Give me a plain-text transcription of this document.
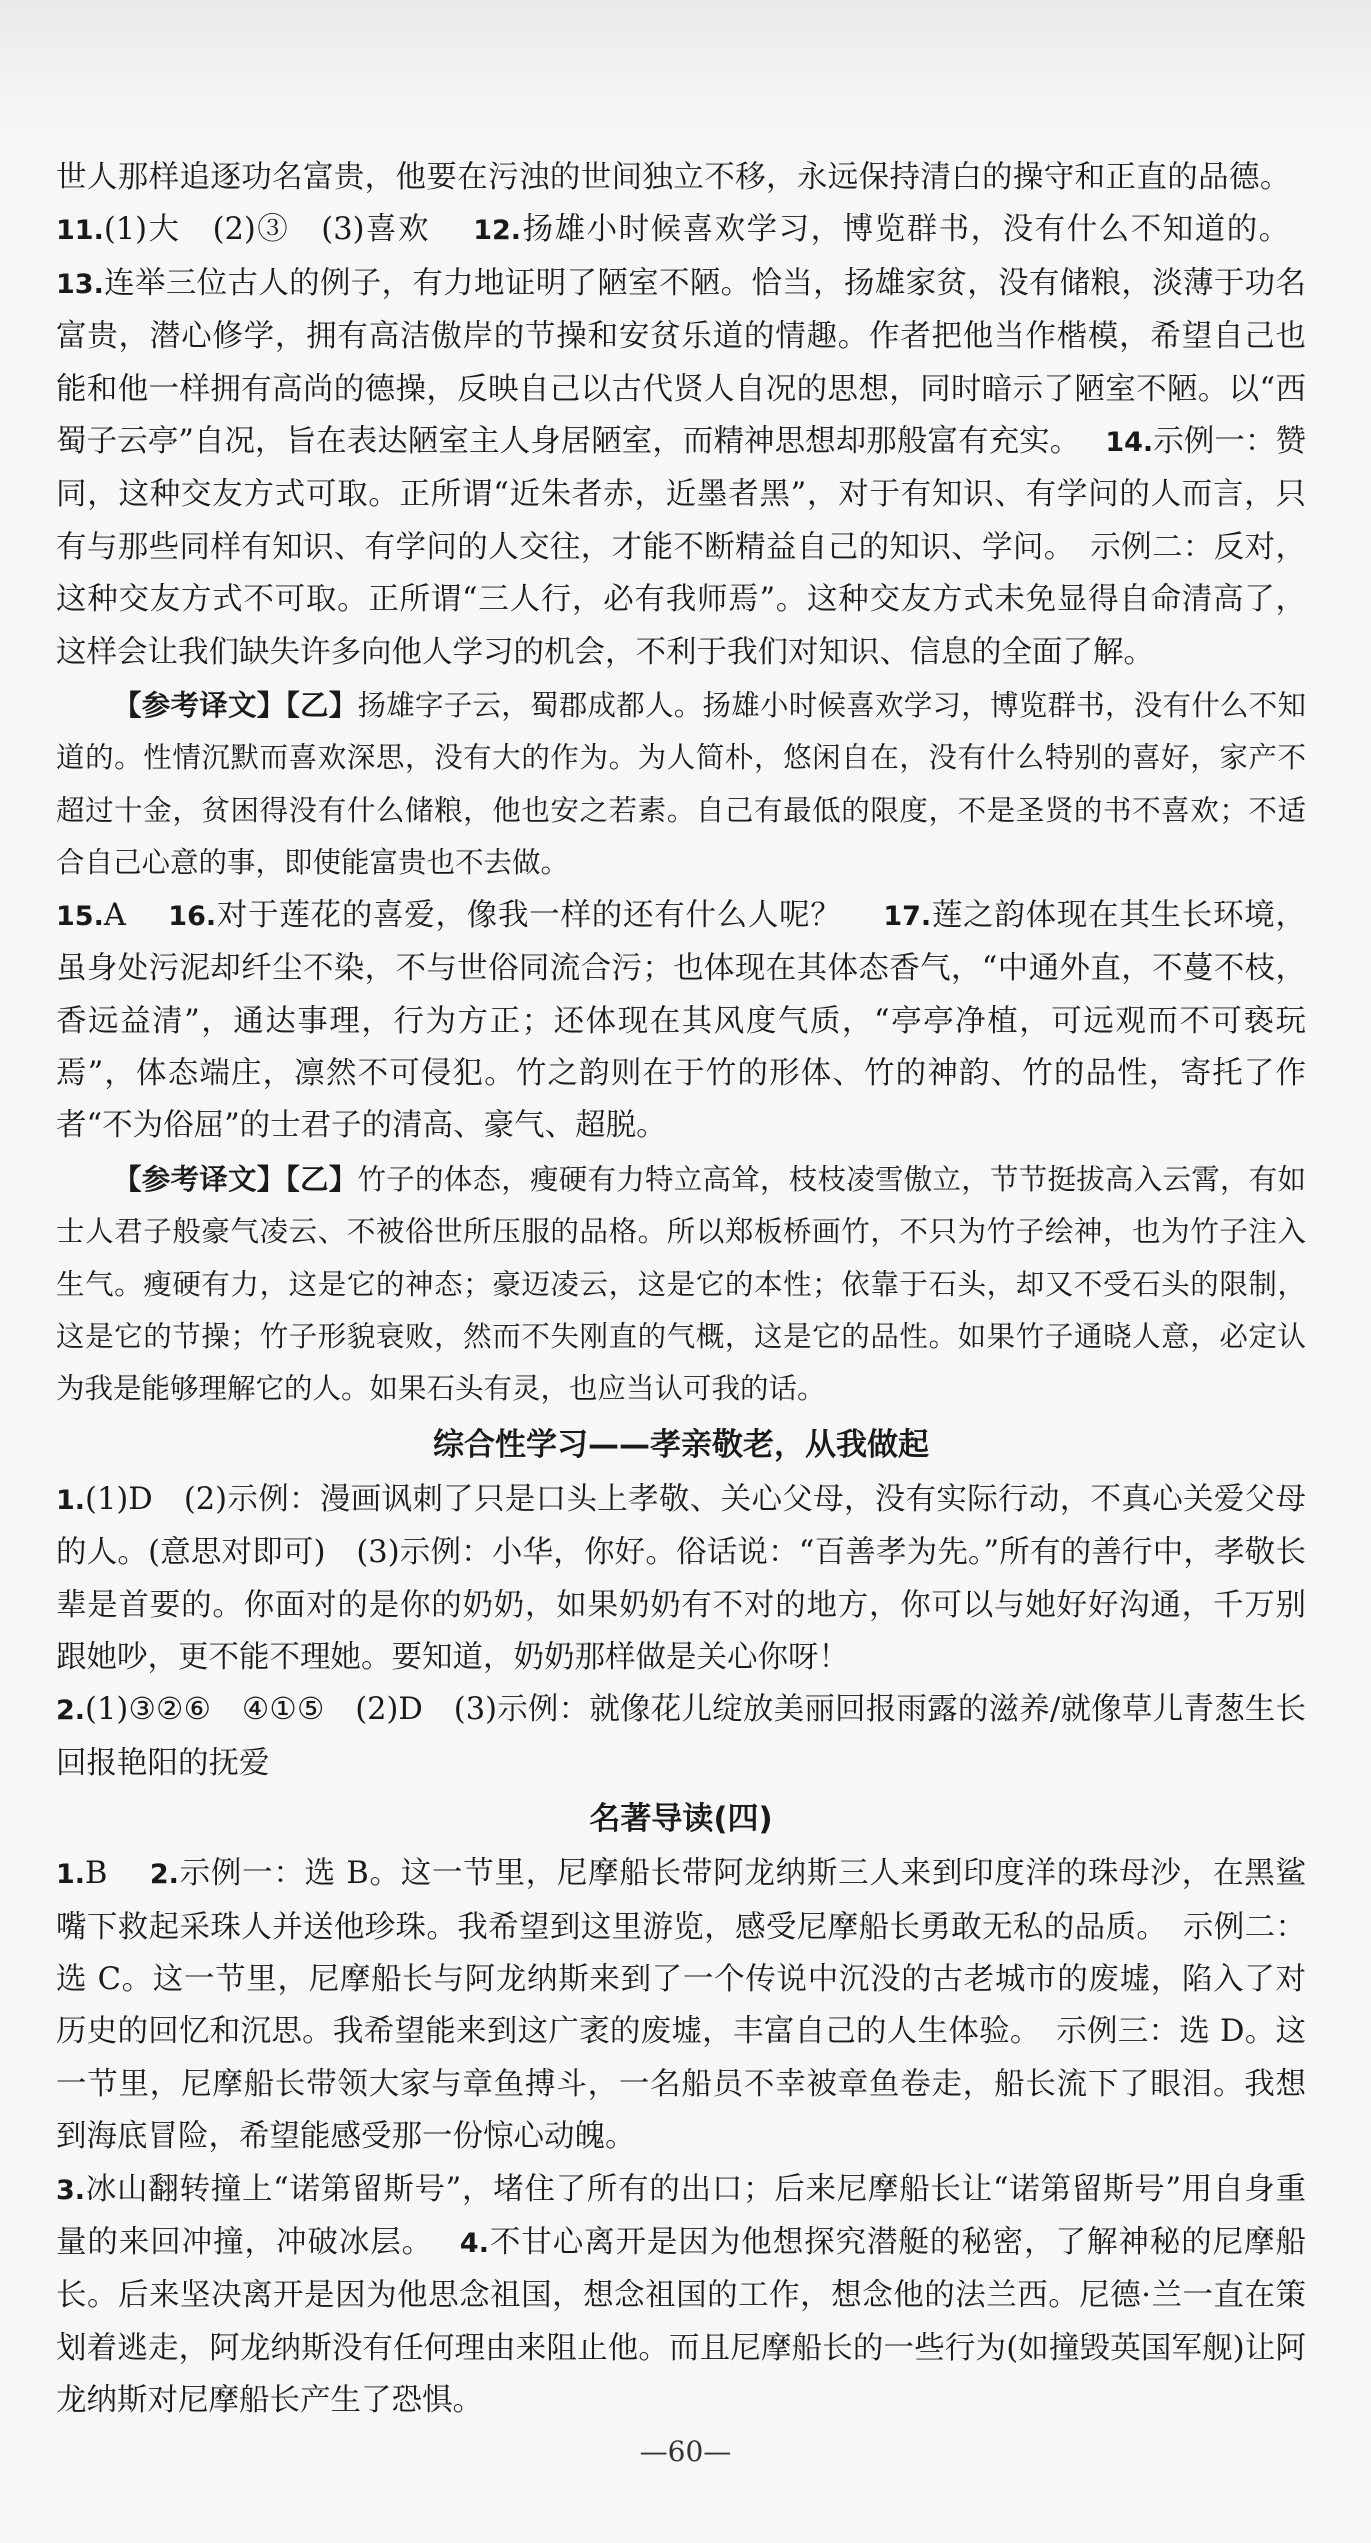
世人那样追逐功名富贵，他要在污浊的世间独立不移，永远保持清白的操守和正直的品德。　 11.(1)大　(2)③　(3)喜欢　 12.扬雄小时候喜欢学习，博览群书，没有什么不知道的。　 13.连举三位古人的例子，有力地证明了陋室不陋。恰当，扬雄家贫，没有储粮，淡薄于功名富贵，潜心修学，拥有高洁傲岸的节操和安贫乐道的情趣。作者把他当作楷模，希望自己也能和他一样拥有高尚的德操，反映自己以古代贤人自况的思想，同时暗示了陋室不陋。以“西蜀子云亭”自况，旨在表达陋室主人身居陋室，而精神思想却那般富有充实。　 14.示例一：赞同，这种交友方式可取。正所谓“近朱者赤，近墨者黑”，对于有知识、有学问的人而言，只有与那些同样有知识、有学问的人交往，才能不断精益自己的知识、学问。　示例二：反对，这种交友方式不可取。正所谓“三人行，必有我师焉”。这种交友方式未免显得自命清高了，这样会让我们缺失许多向他人学习的机会，不利于我们对知识、信息的全面了解。

【参考译文】【乙】扬雄字子云，蜀郡成都人。扬雄小时候喜欢学习，博览群书，没有什么不知道的。性情沉默而喜欢深思，没有大的作为。为人简朴，悠闲自在，没有什么特别的喜好，家产不超过十金，贫困得没有什么储粮，他也安之若素。自己有最低的限度，不是圣贤的书不喜欢；不适合自己心意的事，即使能富贵也不去做。

15.A　 16.对于莲花的喜爱，像我一样的还有什么人呢？　 17.莲之韵体现在其生长环境，虽身处污泥却纤尘不染，不与世俗同流合污；也体现在其体态香气，“中通外直，不蔓不枝，香远益清”，通达事理，行为方正；还体现在其风度气质，“亭亭净植，可远观而不可亵玩焉”，体态端庄，凛然不可侵犯。竹之韵则在于竹的形体、竹的神韵、竹的品性，寄托了作者“不为俗屈”的士君子的清高、豪气、超脱。

【参考译文】【乙】竹子的体态，瘦硬有力特立高耸，枝枝凌雪傲立，节节挺拔高入云霄，有如士人君子般豪气凌云、不被俗世所压服的品格。所以郑板桥画竹，不只为竹子绘神，也为竹子注入生气。瘦硬有力，这是它的神态；豪迈凌云，这是它的本性；依靠于石头，却又不受石头的限制，这是它的节操；竹子形貌衰败，然而不失刚直的气概，这是它的品性。如果竹子通晓人意，必定认为我是能够理解它的人。如果石头有灵，也应当认可我的话。

综合性学习——孝亲敬老，从我做起

1.(1)D　(2)示例：漫画讽刺了只是口头上孝敬、关心父母，没有实际行动，不真心关爱父母的人。(意思对即可)　(3)示例：小华，你好。俗话说：“百善孝为先。”所有的善行中，孝敬长辈是首要的。你面对的是你的奶奶，如果奶奶有不对的地方，你可以与她好好沟通，千万别跟她吵，更不能不理她。要知道，奶奶那样做是关心你呀！

2.(1)③②⑥　④①⑤　(2)D　(3)示例：就像花儿绽放美丽回报雨露的滋养/就像草儿青葱生长回报艳阳的抚爱

名著导读(四)

1.B　 2.示例一：选 B。这一节里，尼摩船长带阿龙纳斯三人来到印度洋的珠母沙，在黑鲨嘴下救起采珠人并送他珍珠。我希望到这里游览，感受尼摩船长勇敢无私的品质。　示例二：选 C。这一节里，尼摩船长与阿龙纳斯来到了一个传说中沉没的古老城市的废墟，陷入了对历史的回忆和沉思。我希望能来到这广袤的废墟，丰富自己的人生体验。　示例三：选 D。这一节里，尼摩船长带领大家与章鱼搏斗，一名船员不幸被章鱼卷走，船长流下了眼泪。我想到海底冒险，希望能感受那一份惊心动魄。

3.冰山翻转撞上“诺第留斯号”，堵住了所有的出口；后来尼摩船长让“诺第留斯号”用自身重量的来回冲撞，冲破冰层。　 4.不甘心离开是因为他想探究潜艇的秘密，了解神秘的尼摩船长。后来坚决离开是因为他思念祖国，想念祖国的工作，想念他的法兰西。尼德·兰一直在策划着逃走，阿龙纳斯没有任何理由来阻止他。而且尼摩船长的一些行为(如撞毁英国军舰)让阿龙纳斯对尼摩船长产生了恐惧。

—60—
